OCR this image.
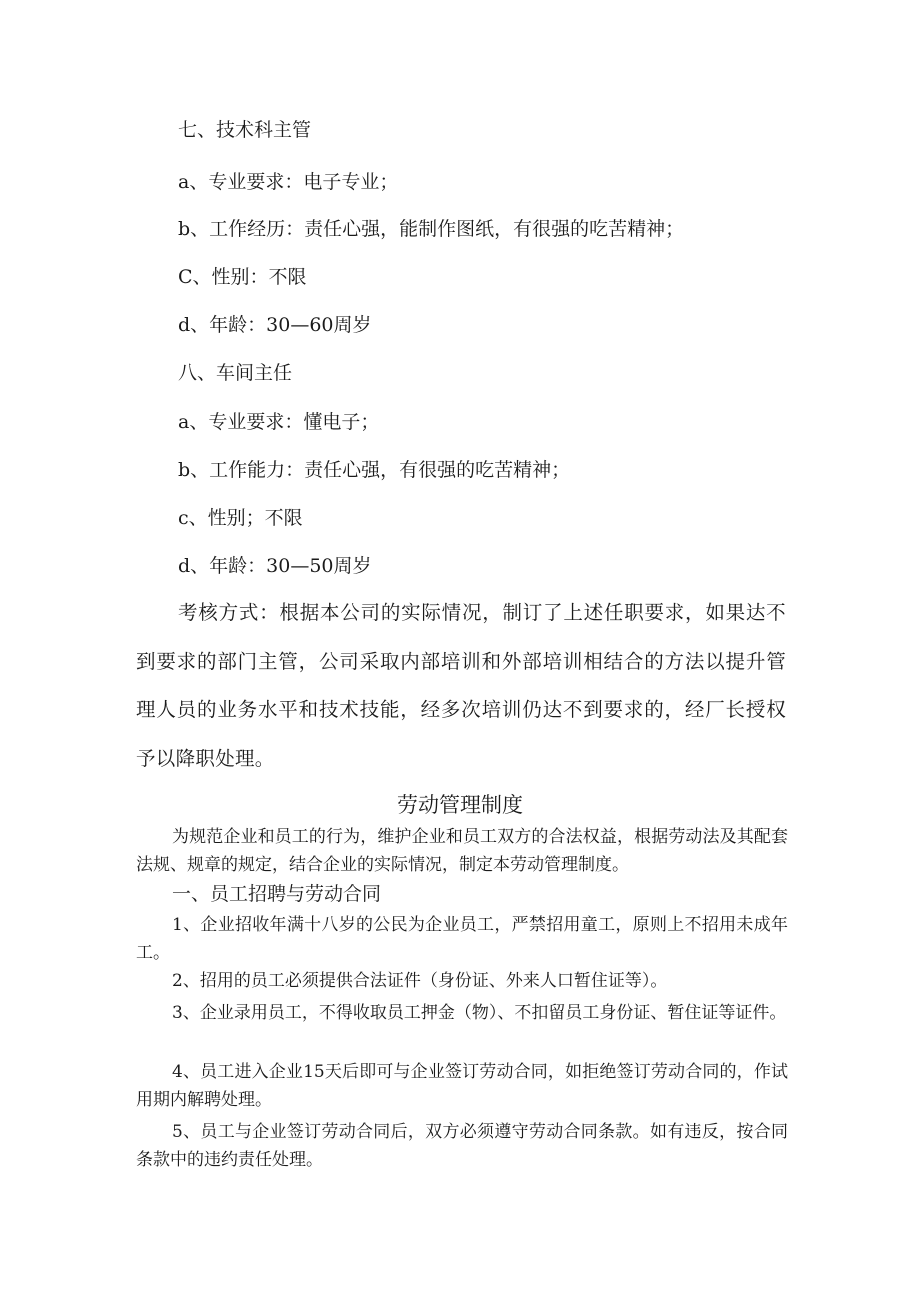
七、技术科主管
a、专业要求：电子专业；
b、工作经历：责任心强，能制作图纸，有很强的吃苦精神；
C、性别：不限
d、年龄：30—60周岁
八、车间主任
a、专业要求：懂电子；
b、工作能力：责任心强，有很强的吃苦精神；
c、性别；不限
d、年龄：30—50周岁
考核方式：根据本公司的实际情况，制订了上述任职要求，如果达不到要求的部门主管，公司采取内部培训和外部培训相结合的方法以提升管理人员的业务水平和技术技能，经多次培训仍达不到要求的，经厂长授权予以降职处理。
劳动管理制度
为规范企业和员工的行为，维护企业和员工双方的合法权益，根据劳动法及其配套法规、规章的规定，结合企业的实际情况，制定本劳动管理制度。
一、员工招聘与劳动合同
1、企业招收年满十八岁的公民为企业员工，严禁招用童工，原则上不招用未成年工。
2、招用的员工必须提供合法证件（身份证、外来人口暂住证等）。
3、企业录用员工，不得收取员工押金（物）、不扣留员工身份证、暂住证等证件。
4、员工进入企业15天后即可与企业签订劳动合同，如拒绝签订劳动合同的，作试用期内解聘处理。
5、员工与企业签订劳动合同后，双方必须遵守劳动合同条款。如有违反，按合同条款中的违约责任处理。
